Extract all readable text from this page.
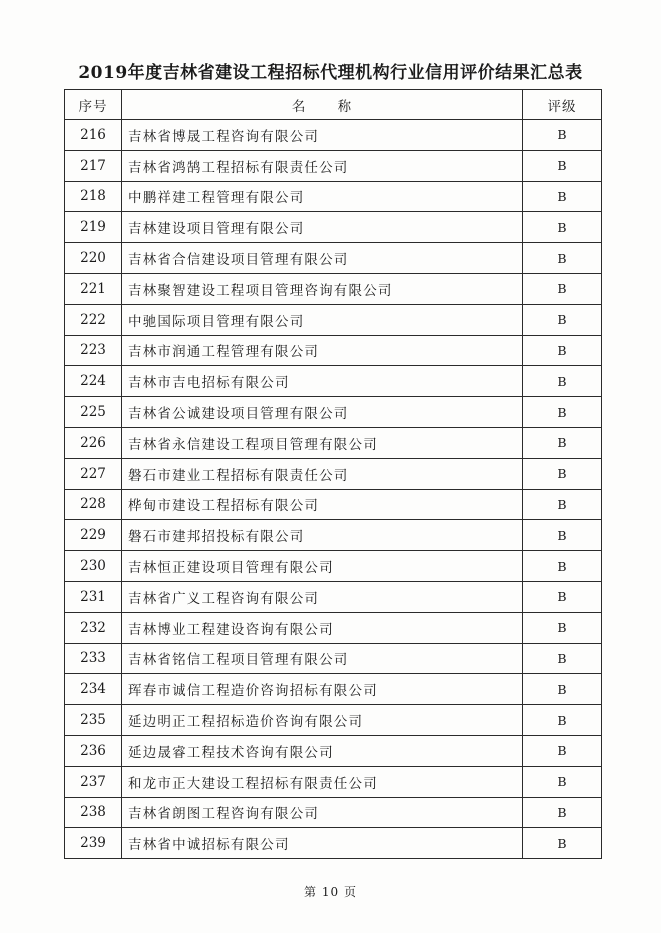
2019年度吉林省建设工程招标代理机构行业信用评价结果汇总表
序号	名 称	评级
216	吉林省博晟工程咨询有限公司	B
217	吉林省鸿鹄工程招标有限责任公司	B
218	中鹏祥建工程管理有限公司	B
219	吉林建设项目管理有限公司	B
220	吉林省合信建设项目管理有限公司	B
221	吉林聚智建设工程项目管理咨询有限公司	B
222	中驰国际项目管理有限公司	B
223	吉林市润通工程管理有限公司	B
224	吉林市吉电招标有限公司	B
225	吉林省公诚建设项目管理有限公司	B
226	吉林省永信建设工程项目管理有限公司	B
227	磐石市建业工程招标有限责任公司	B
228	桦甸市建设工程招标有限公司	B
229	磐石市建邦招投标有限公司	B
230	吉林恒正建设项目管理有限公司	B
231	吉林省广义工程咨询有限公司	B
232	吉林博业工程建设咨询有限公司	B
233	吉林省铭信工程项目管理有限公司	B
234	珲春市诚信工程造价咨询招标有限公司	B
235	延边明正工程招标造价咨询有限公司	B
236	延边晟睿工程技术咨询有限公司	B
237	和龙市正大建设工程招标有限责任公司	B
238	吉林省朗图工程咨询有限公司	B
239	吉林省中诚招标有限公司	B
第 10 页
